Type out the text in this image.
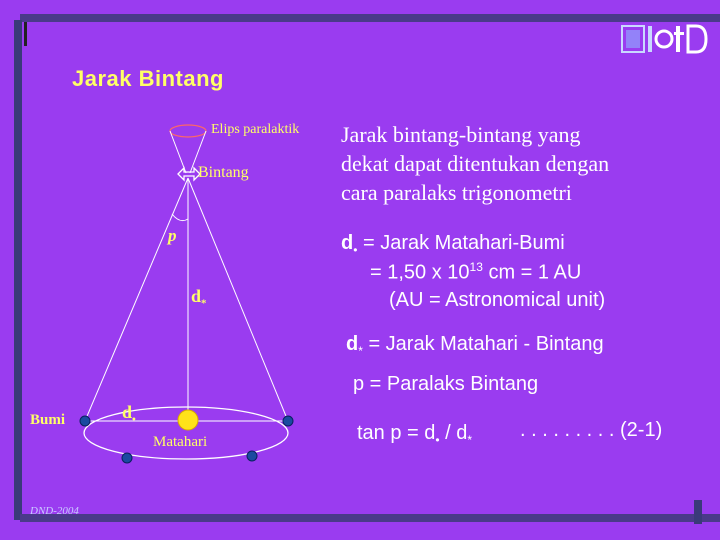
Jarak Bintang
Elips paralaktik
Bintang
p
$d_*$
Bumi
Matahari
$d_•$
Jarak bintang-bintang yang
dekat dapat ditentukan dengan
cara paralaks trigonometri
$d_•$ = Jarak Matahari-Bumi
= 1,50 x $10^{13}$ cm = 1 AU
(AU = Astronomical unit)
$d_*$ = Jarak Matahari - Bintang
p = Paralaks Bintang
$\tan p = d_• / d_*$ . . . . . . . . . (2-1)
DND-2004
